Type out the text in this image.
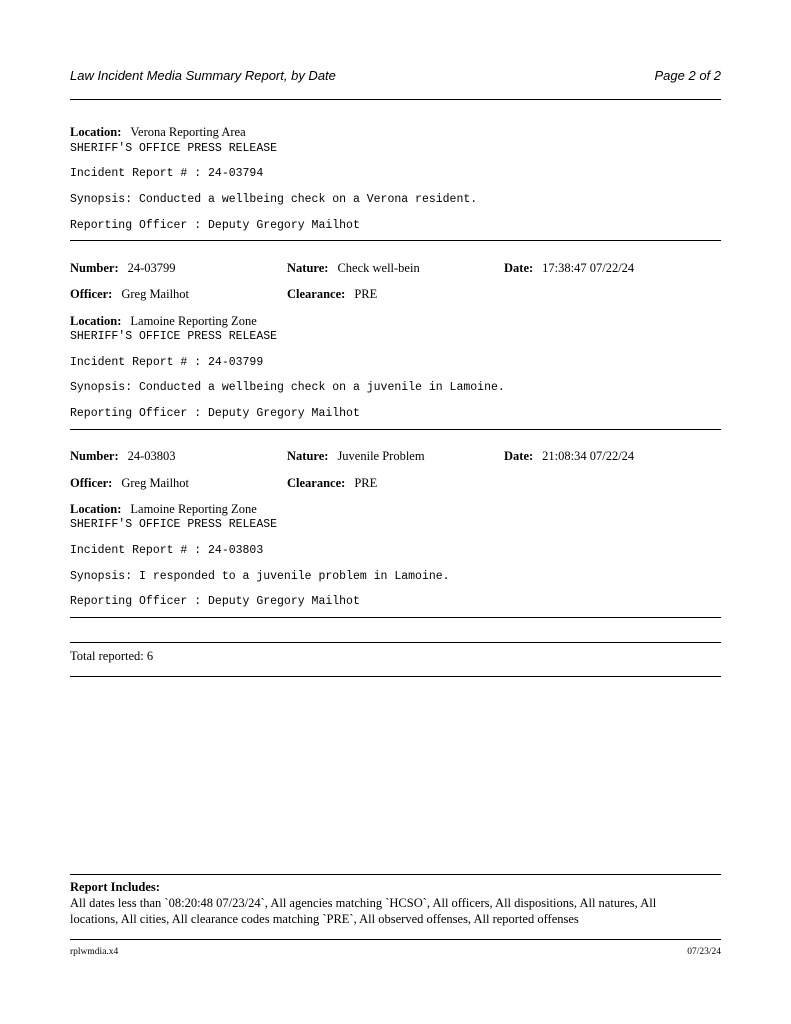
Law Incident Media Summary Report, by Date	Page 2 of 2
Location: Verona Reporting Area
SHERIFF'S OFFICE PRESS RELEASE
Incident Report # : 24-03794
Synopsis: Conducted a wellbeing check on a Verona resident.
Reporting Officer : Deputy Gregory Mailhot
Number: 24-03799	Nature: Check well-bein	Date: 17:38:47 07/22/24
Officer: Greg Mailhot	Clearance: PRE
Location: Lamoine Reporting Zone
SHERIFF'S OFFICE PRESS RELEASE
Incident Report # : 24-03799
Synopsis: Conducted a wellbeing check on a juvenile in Lamoine.
Reporting Officer : Deputy Gregory Mailhot
Number: 24-03803	Nature: Juvenile Problem	Date: 21:08:34 07/22/24
Officer: Greg Mailhot	Clearance: PRE
Location: Lamoine Reporting Zone
SHERIFF'S OFFICE PRESS RELEASE
Incident Report # : 24-03803
Synopsis: I responded to a juvenile problem in Lamoine.
Reporting Officer : Deputy Gregory Mailhot
Total reported: 6

Report Includes:

All dates less than `08:20:48 07/23/24`, All agencies matching `HCSO`, All officers, All dispositions, All natures, All

locations, All cities, All clearance codes matching `PRE`, All observed offenses, All reported offenses

rplwmdia.x4	07/23/24
